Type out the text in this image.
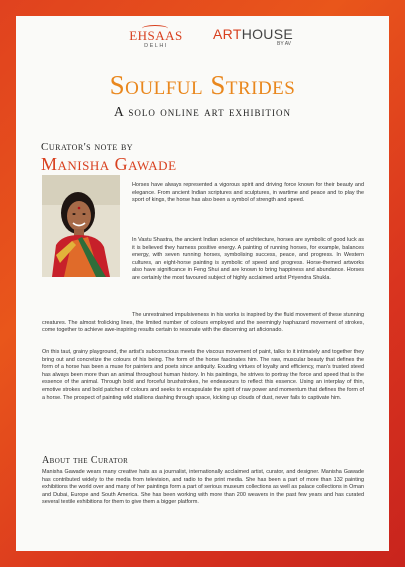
EHSAAS
DELHI
ARTHOUSE
BY AV
Soulful Strides
A solo online art exhibition
Curator's note by
Manisha Gawade

Horses have always represented a vigorous spirit and driving force known for their beauty and elegance. From ancient Indian scriptures and sculptures, in wartime and peace and to play the sport of kings, the horse has also been a symbol of strength and speed.

In Vastu Shastra, the ancient Indian science of architecture, horses are symbolic of good luck as it is believed they harness positive energy. A painting of running horses, for example, balances energy, with seven running horses, symbolising success, peace, and progress. In Western cultures, an eight-horse painting is symbolic of speed and progress. Horse-themed artworks also have significance in Feng Shui and are known to bring happiness and abundance. Horses are certainly the most favoured subject of highly acclaimed artist Priyendra Shukla.

The unrestrained impulsiveness in his works is inspired by the fluid movement of these stunning creatures. The almost frolicking lines, the limited number of colours employed and the seemingly haphazard movement of strokes, come together to achieve awe-inspiring results certain to resonate with the discerning art aficionado.

On this taut, grainy playground, the artist's subconscious meets the viscous movement of paint, talks to it intimately and together they bring out and concretize the colours of his being. The form of the horse fascinates him. The raw, muscular beauty that defines the form of a horse has been a muse for painters and poets since antiquity. Exuding virtues of loyalty and efficiency, man's trusted steed has always been more than an animal throughout human history. In his paintings, he strives to portray the force and speed that is the essence of the animal. Through bold and forceful brushstrokes, he endeavours to reflect this essence. Using an interplay of thin, emotive strokes and bold patches of colours and seeks to encapsulate the spirit of raw power and momentum that defines the form of a horse. The prospect of painting wild stallions dashing through space, kicking up clouds of dust, never fails to captivate him.

About the Curator

Manisha Gawade wears many creative hats as a journalist, internationally acclaimed artist, curator, and designer. Manisha Gawade has contributed widely to the media from television, and radio to the print media. She has been a part of more than 132 painting exhibitions the world over and many of her paintings form a part of serious museum collections as well as palace collections in Oman and Dubai, Europe and South America. She has been working with more than 200 weavers in the past few years and has curated several textile exhibitions for them to give them a bigger platform.
